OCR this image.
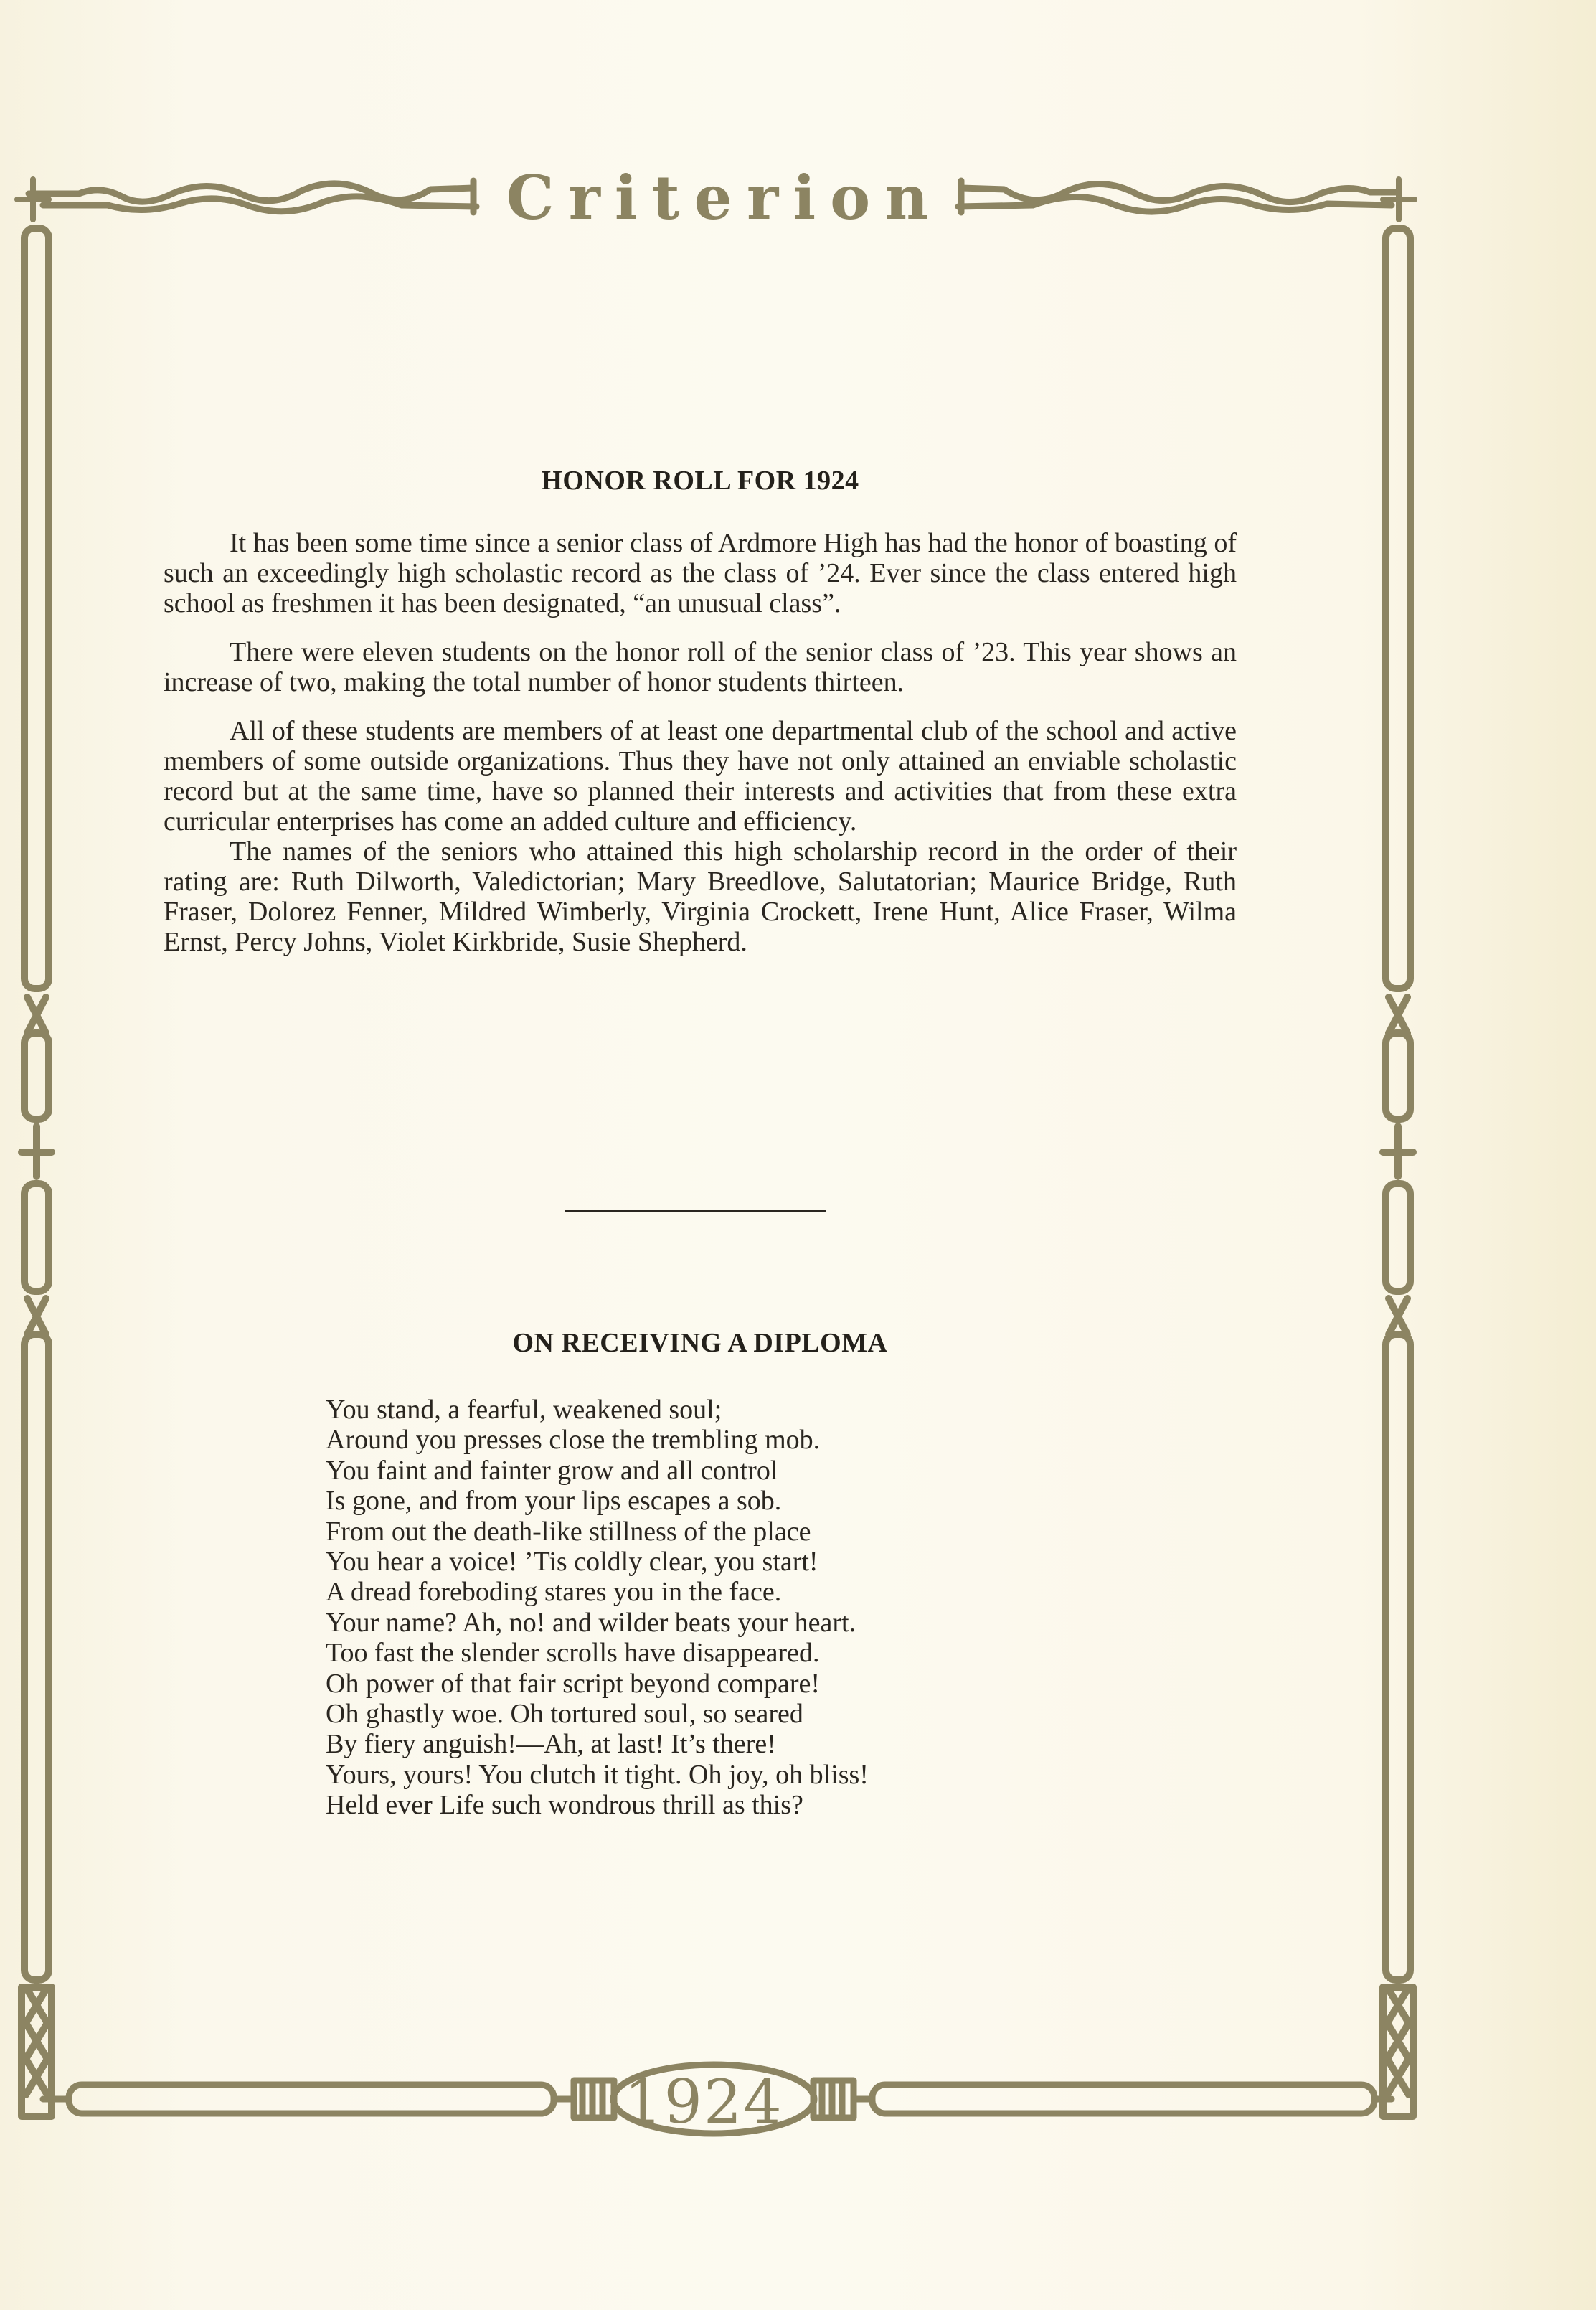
Criterion
1924
HONOR ROLL FOR 1924

It has been some time since a senior class of Ardmore High has had the honor of boasting of such an exceedingly high scholastic record as the class of ’24. Ever since the class entered high school as freshmen it has been designated, “an unusual class”.

There were eleven students on the honor roll of the senior class of ’23. This year shows an increase of two, making the total number of honor students thirteen.

All of these students are members of at least one departmental club of the school and active members of some outside organizations. Thus they have not only attained an enviable scholastic record but at the same time, have so planned their interests and activities that from these extra curricular enterprises has come an added culture and efficiency.

The names of the seniors who attained this high scholarship record in the order of their rating are: Ruth Dilworth, Valedictorian; Mary Breedlove, Salutatorian; Maurice Bridge, Ruth Fraser, Dolorez Fenner, Mildred Wimberly, Virginia Crockett, Irene Hunt, Alice Fraser, Wilma Ernst, Percy Johns, Violet Kirkbride, Susie Shepherd.

ON RECEIVING A DIPLOMA
You stand, a fearful, weakened soul;
Around you presses close the trembling mob.
You faint and fainter grow and all control
Is gone, and from your lips escapes a sob.
From out the death-like stillness of the place
You hear a voice! ’Tis coldly clear, you start!
A dread foreboding stares you in the face.
Your name? Ah, no! and wilder beats your heart.
Too fast the slender scrolls have disappeared.
Oh power of that fair script beyond compare!
Oh ghastly woe. Oh tortured soul, so seared
By fiery anguish!—Ah, at last! It’s there!
Yours, yours! You clutch it tight. Oh joy, oh bliss!
Held ever Life such wondrous thrill as this?
